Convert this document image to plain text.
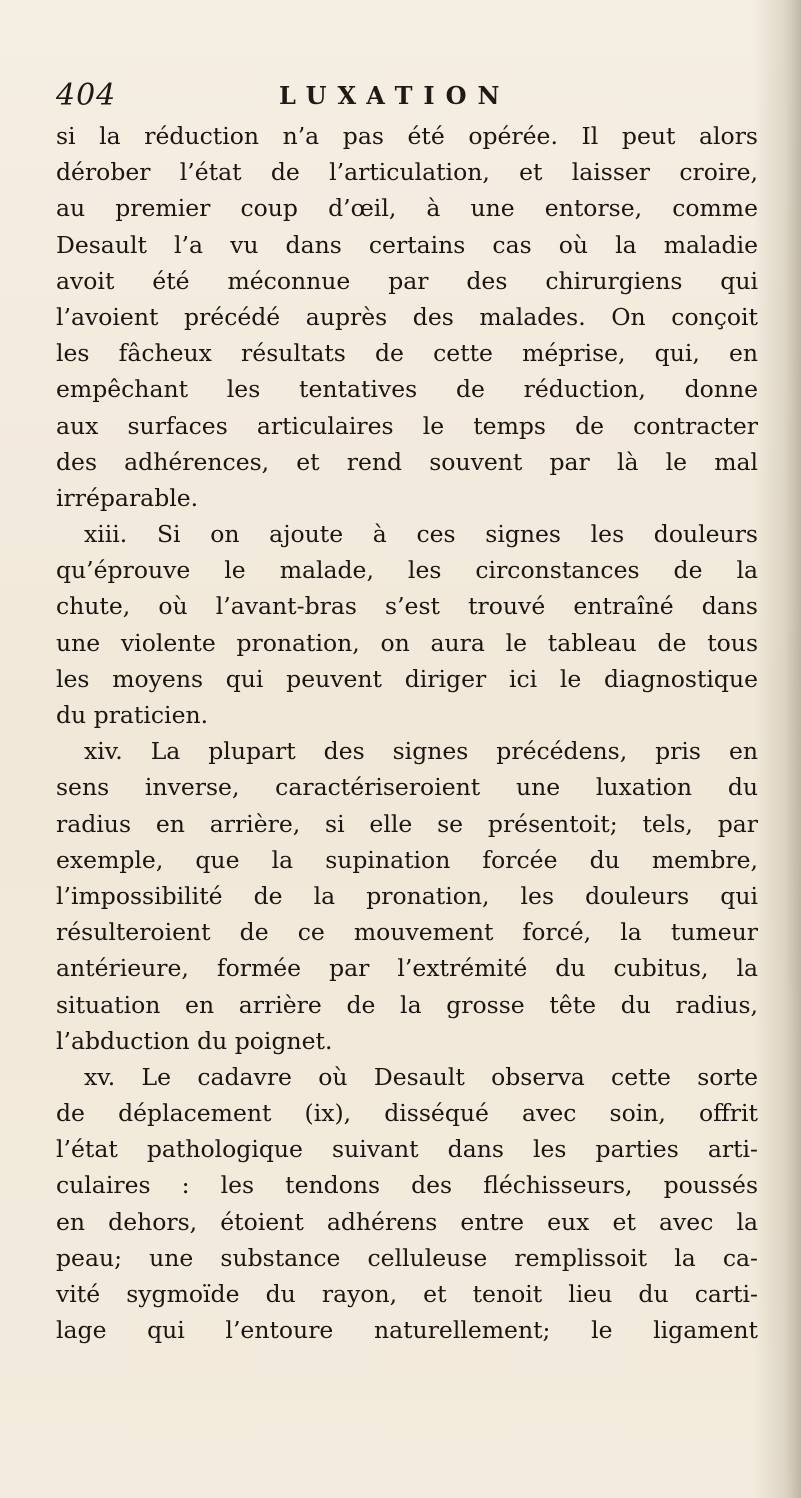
404	LUXATION
si la réduction n’a pas été opérée. Il peut alors
dérober l’état de l’articulation, et laisser croire,
au premier coup d’œil, à une entorse, comme
Desault l’a vu dans certains cas où la maladie
avoit été méconnue par des chirurgiens qui
l’avoient précédé auprès des malades. On conçoit
les fâcheux résultats de cette méprise, qui, en
empêchant les tentatives de réduction, donne
aux surfaces articulaires le temps de contracter
des adhérences, et rend souvent par là le mal
irréparable.
xiii. Si on ajoute à ces signes les douleurs
qu’éprouve le malade, les circonstances de la
chute, où l’avant-bras s’est trouvé entraîné dans
une violente pronation, on aura le tableau de tous
les moyens qui peuvent diriger ici le diagnostique
du praticien.
xiv. La plupart des signes précédens, pris en
sens inverse, caractériseroient une luxation du
radius en arrière, si elle se présentoit; tels, par
exemple, que la supination forcée du membre,
l’impossibilité de la pronation, les douleurs qui
résulteroient de ce mouvement forcé, la tumeur
antérieure, formée par l’extrémité du cubitus, la
situation en arrière de la grosse tête du radius,
l’abduction du poignet.
xv. Le cadavre où Desault observa cette sorte
de déplacement (ix), disséqué avec soin, offrit
l’état pathologique suivant dans les parties arti-
culaires : les tendons des fléchisseurs, poussés
en dehors, étoient adhérens entre eux et avec la
peau; une substance celluleuse remplissoit la ca-
vité sygmoïde du rayon, et tenoit lieu du carti-
lage qui l’entoure naturellement; le ligament
